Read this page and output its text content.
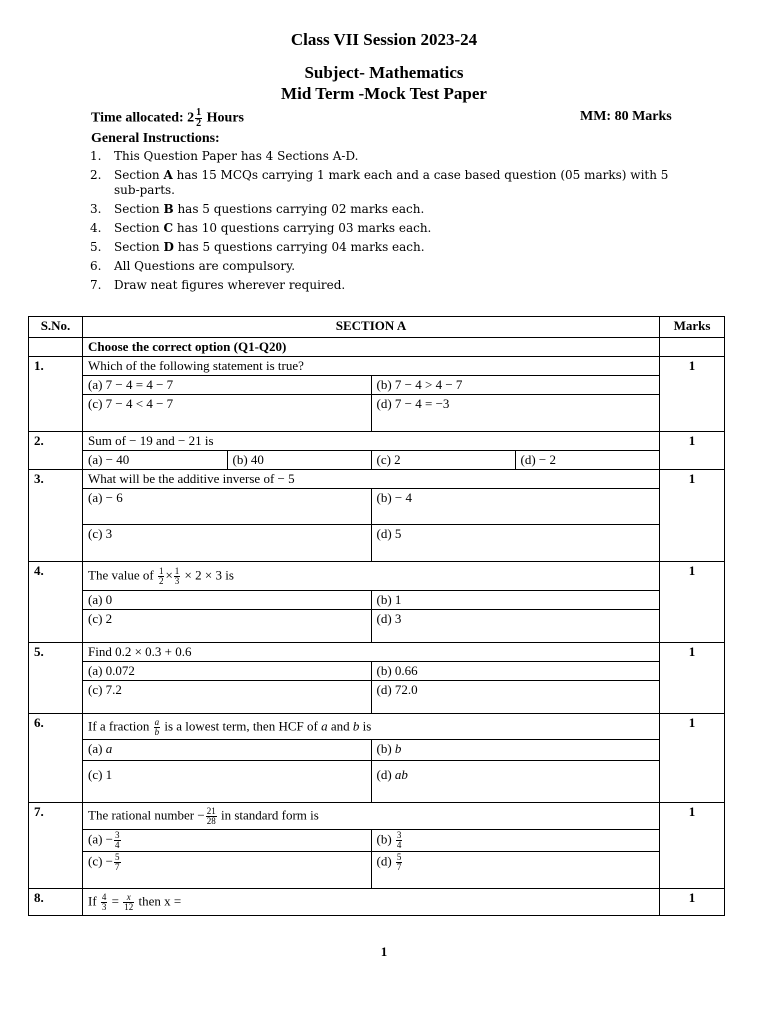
Class VII Session 2023-24
Subject- Mathematics
Mid Term -Mock Test Paper
Time allocated: $2 \frac{1}{2}$ Hours	MM: 80 Marks
General Instructions:
1. This Question Paper has 4 Sections A-D.
2. Section A has 15 MCQs carrying 1 mark each and a case based question (05 marks) with 5 sub-parts.
3. Section B has 5 questions carrying 02 marks each.
4. Section C has 10 questions carrying 03 marks each.
5. Section D has 5 questions carrying 04 marks each.
6. All Questions are compulsory.
7. Draw neat figures wherever required.
S.No.	SECTION A	Marks
	Choose the correct option (Q1-Q20)	
1.	Which of the following statement is true?
(a) 7 − 4 = 4 − 7	(b) 7 − 4 > 4 − 7
(c) 7 − 4 < 4 − 7	(d) 7 − 4 = −3
	1
2.	Sum of − 19 and − 21 is
(a) − 40	(b) 40	(c) 2	(d) − 2
	1
3.	What will be the additive inverse of − 5
(a) − 6	(b) − 4
(c) 3	(d) 5
	1
4.	The value of $\frac{1}{2} \times \frac{1}{3} \times 2 \times 3$ is
(a) 0	(b) 1
(c) 2	(d) 3
	1
5.	Find 0.2 × 0.3 + 0.6
(a) 0.072	(b) 0.66
(c) 7.2	(d) 72.0
	1
6.	If a fraction $\frac{a}{b}$ is a lowest term, then HCF of a and b is
(a) a	(b) b
(c) 1	(d) ab
	1
7.	The rational number − $\frac{21}{28}$ in standard form is
$(a) - \frac{3}{4}$	$(b) \frac{3}{4}$

$(c) - \frac{5}{7}$	$(d) \frac{5}{7}$
	1
8.	If $\frac{4}{3} = \frac{x}{12}$ then x =	1
1
